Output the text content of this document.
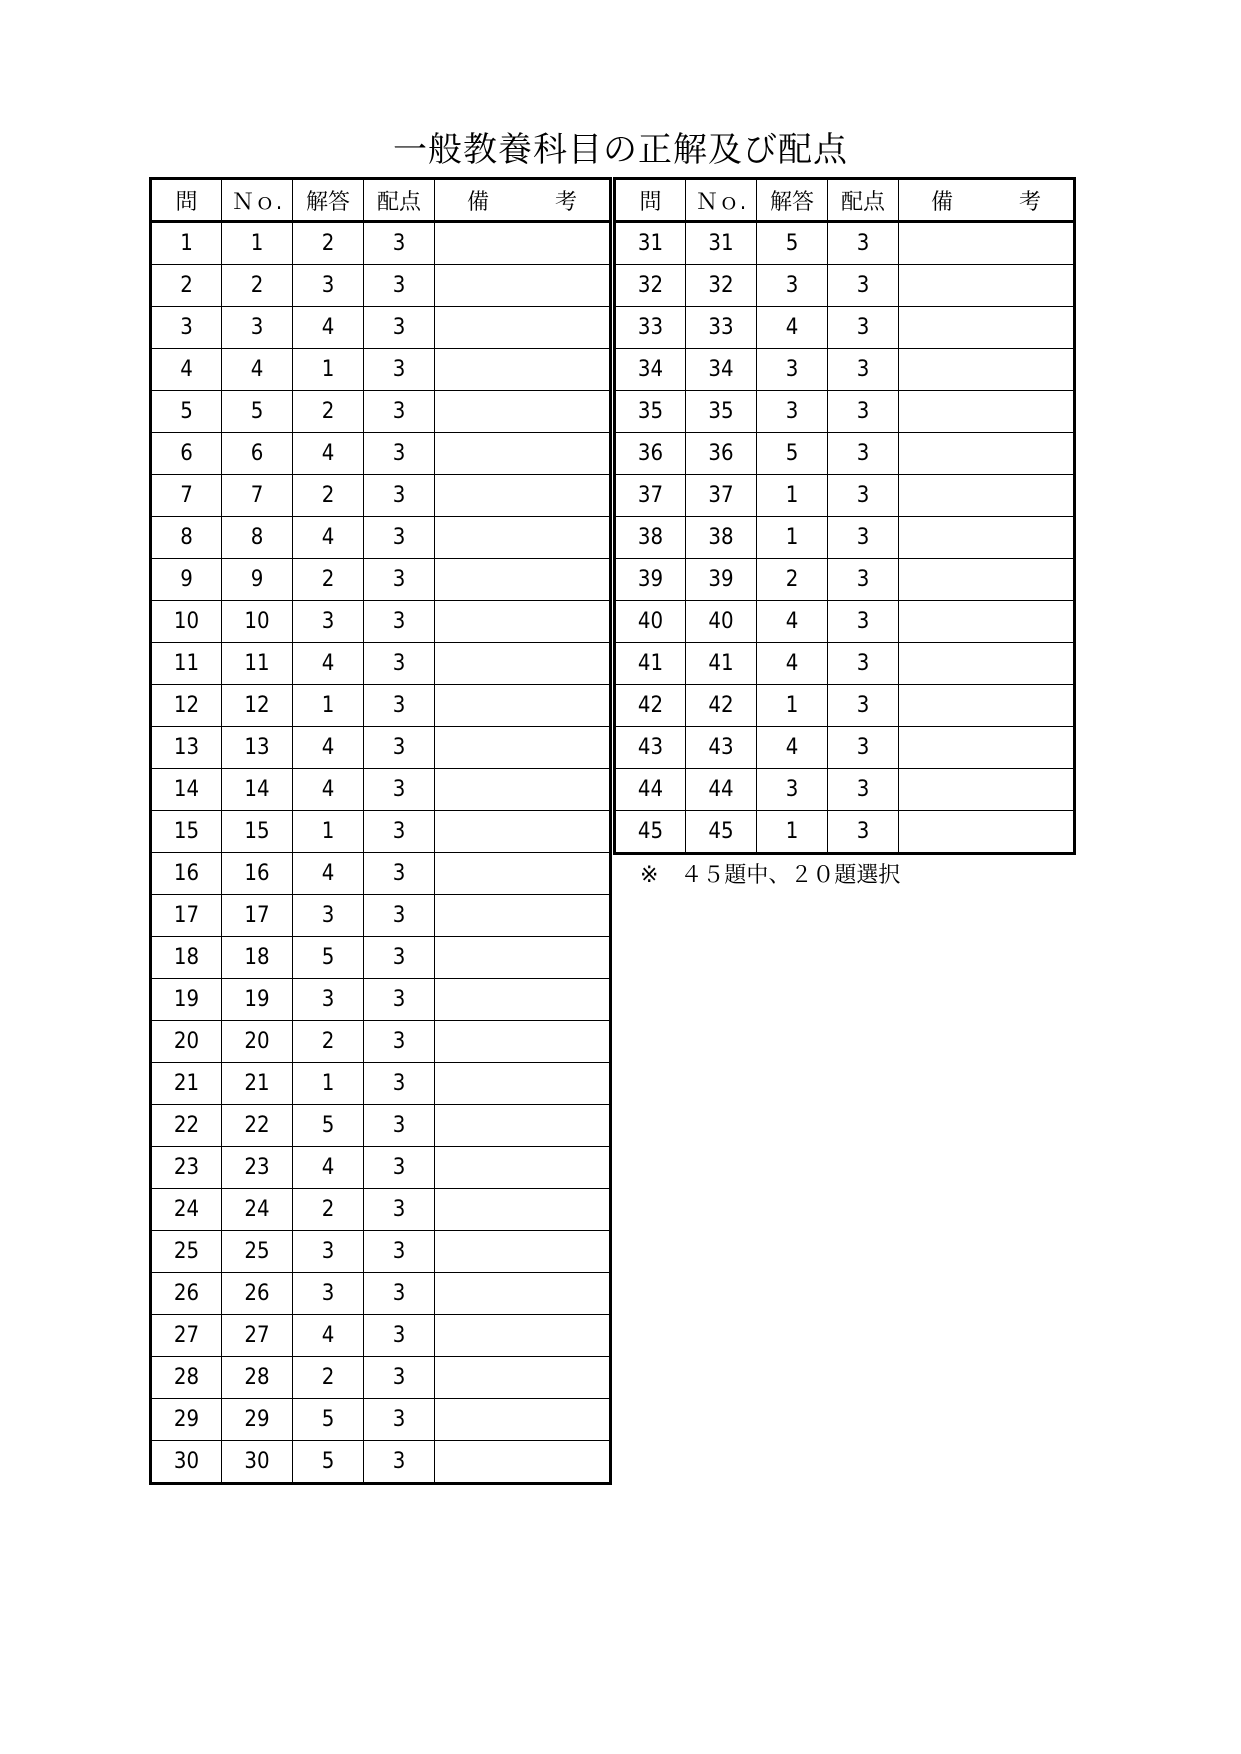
一般教養科目の正解及び配点
問	Ｎｏ.	解答	配点	備　　　考
1	1	2	3	
2	2	3	3	
3	3	4	3	
4	4	1	3	
5	5	2	3	
6	6	4	3	
7	7	2	3	
8	8	4	3	
9	9	2	3	
10	10	3	3	
11	11	4	3	
12	12	1	3	
13	13	4	3	
14	14	4	3	
15	15	1	3	
16	16	4	3	
17	17	3	3	
18	18	5	3	
19	19	3	3	
20	20	2	3	
21	21	1	3	
22	22	5	3	
23	23	4	3	
24	24	2	3	
25	25	3	3	
26	26	3	3	
27	27	4	3	
28	28	2	3	
29	29	5	3	
30	30	5	3	
問	Ｎｏ.	解答	配点	備　　　考
31	31	5	3	
32	32	3	3	
33	33	4	3	
34	34	3	3	
35	35	3	3	
36	36	5	3	
37	37	1	3	
38	38	1	3	
39	39	2	3	
40	40	4	3	
41	41	4	3	
42	42	1	3	
43	43	4	3	
44	44	3	3	
45	45	1	3	
※　４５題中、２０題選択
